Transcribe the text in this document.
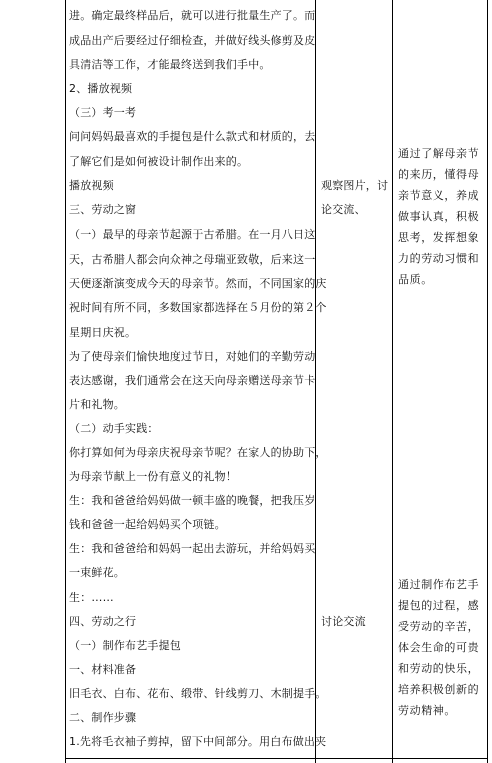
进。确定最终样品后，就可以进行批量生产了。而
成品出产后要经过仔细检查，并做好线头修剪及皮
具清洁等工作，才能最终送到我们手中。
2、播放视频
（三）考一考
问问妈妈最喜欢的手提包是什么款式和材质的，去
了解它们是如何被设计制作出来的。
播放视频
三、劳动之窗
（一）最早的母亲节起源于古希腊。在一月八日这
天，古希腊人都会向众神之母瑞亚致敬，后来这一
天便逐渐演变成今天的母亲节。然而，不同国家的庆
祝时间有所不同，多数国家都选择在５月份的第２个
星期日庆祝。
为了使母亲们愉快地度过节日，对她们的辛勤劳动
表达感谢，我们通常会在这天向母亲赠送母亲节卡
片和礼物。
（二）动手实践：
你打算如何为母亲庆祝母亲节呢？在家人的协助下，
为母亲节献上一份有意义的礼物！
生：我和爸爸给妈妈做一顿丰盛的晚餐，把我压岁
钱和爸爸一起给妈妈买个项链。
生：我和爸爸给和妈妈一起出去游玩，并给妈妈买
一束鲜花。
生：……
四、劳动之行
（一）制作布艺手提包
一、材料准备
旧毛衣、白布、花布、缎带、针线剪刀、木制提手。
二、制作步骤
1.先将毛衣袖子剪掉，留下中间部分。用白布做出夹
观察图片，讨
论交流、
讨论交流
通过了解母亲节
的来历，懂得母
亲节意义，养成
做事认真，积极
思考，发挥想象
力的劳动习惯和
品质。
通过制作布艺手
提包的过程，感
受劳动的辛苦，
体会生命的可贵
和劳动的快乐，
培养积极创新的
劳动精神。
